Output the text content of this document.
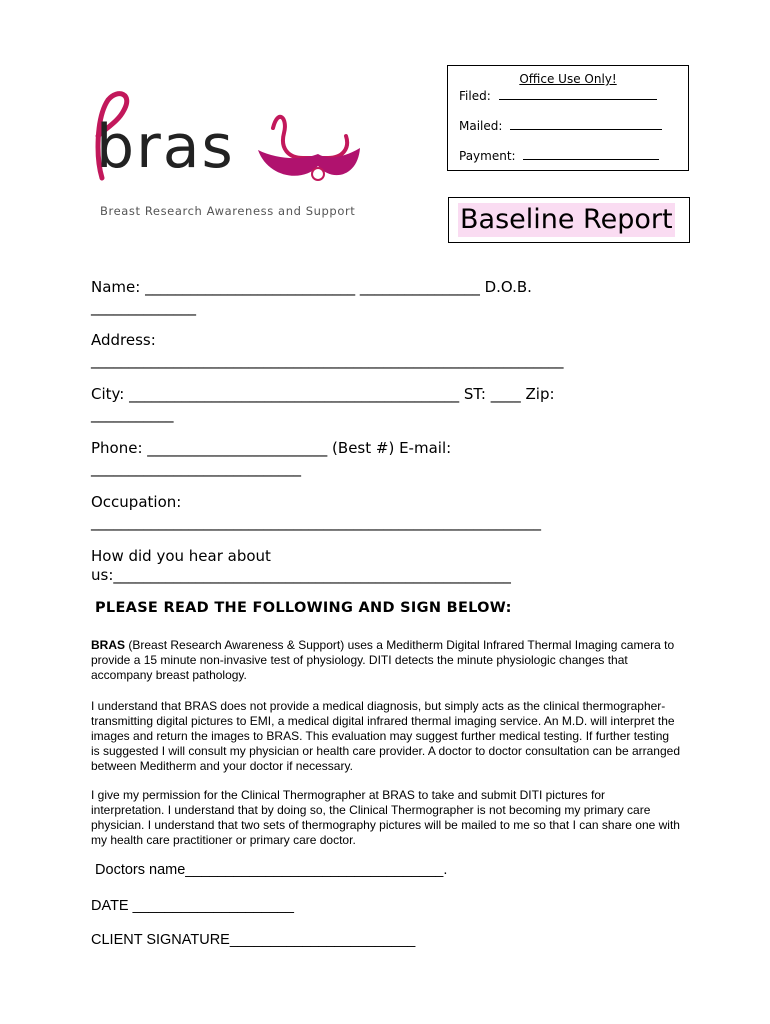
bras
Breast Research Awareness and Support
Office Use Only!
Filed:
Mailed:
Payment:
Baseline Report
Name: ____________________________ ________________ D.O.B.
______________
Address:
_______________________________________________________________
City: ____________________________________________ ST: ____ Zip:
___________
Phone: ________________________ (Best #) E-mail:
____________________________
Occupation:
____________________________________________________________
How did you hear about
us:_____________________________________________________
PLEASE READ THE FOLLOWING AND SIGN BELOW:
BRAS (Breast Research Awareness & Support) uses a Meditherm Digital Infrared Thermal Imaging camera to provide a 15 minute non-invasive test of physiology. DITI detects the minute physiologic changes that accompany breast pathology.
I understand that BRAS does not provide a medical diagnosis, but simply acts as the clinical thermographer-transmitting digital pictures to EMI, a medical digital infrared thermal imaging service. An M.D. will interpret the images and return the images to BRAS. This evaluation may suggest further medical testing. If further testing is suggested I will consult my physician or health care provider. A doctor to doctor consultation can be arranged between Meditherm and your doctor if necessary.
I give my permission for the Clinical Thermographer at BRAS to take and submit DITI pictures for interpretation. I understand that by doing so, the Clinical Thermographer is not becoming my primary care physician. I understand that two sets of thermography pictures will be mailed to me so that I can share one with my health care practitioner or primary care doctor.
Doctors name________________________________.
DATE ____________________
CLIENT SIGNATURE_______________________
